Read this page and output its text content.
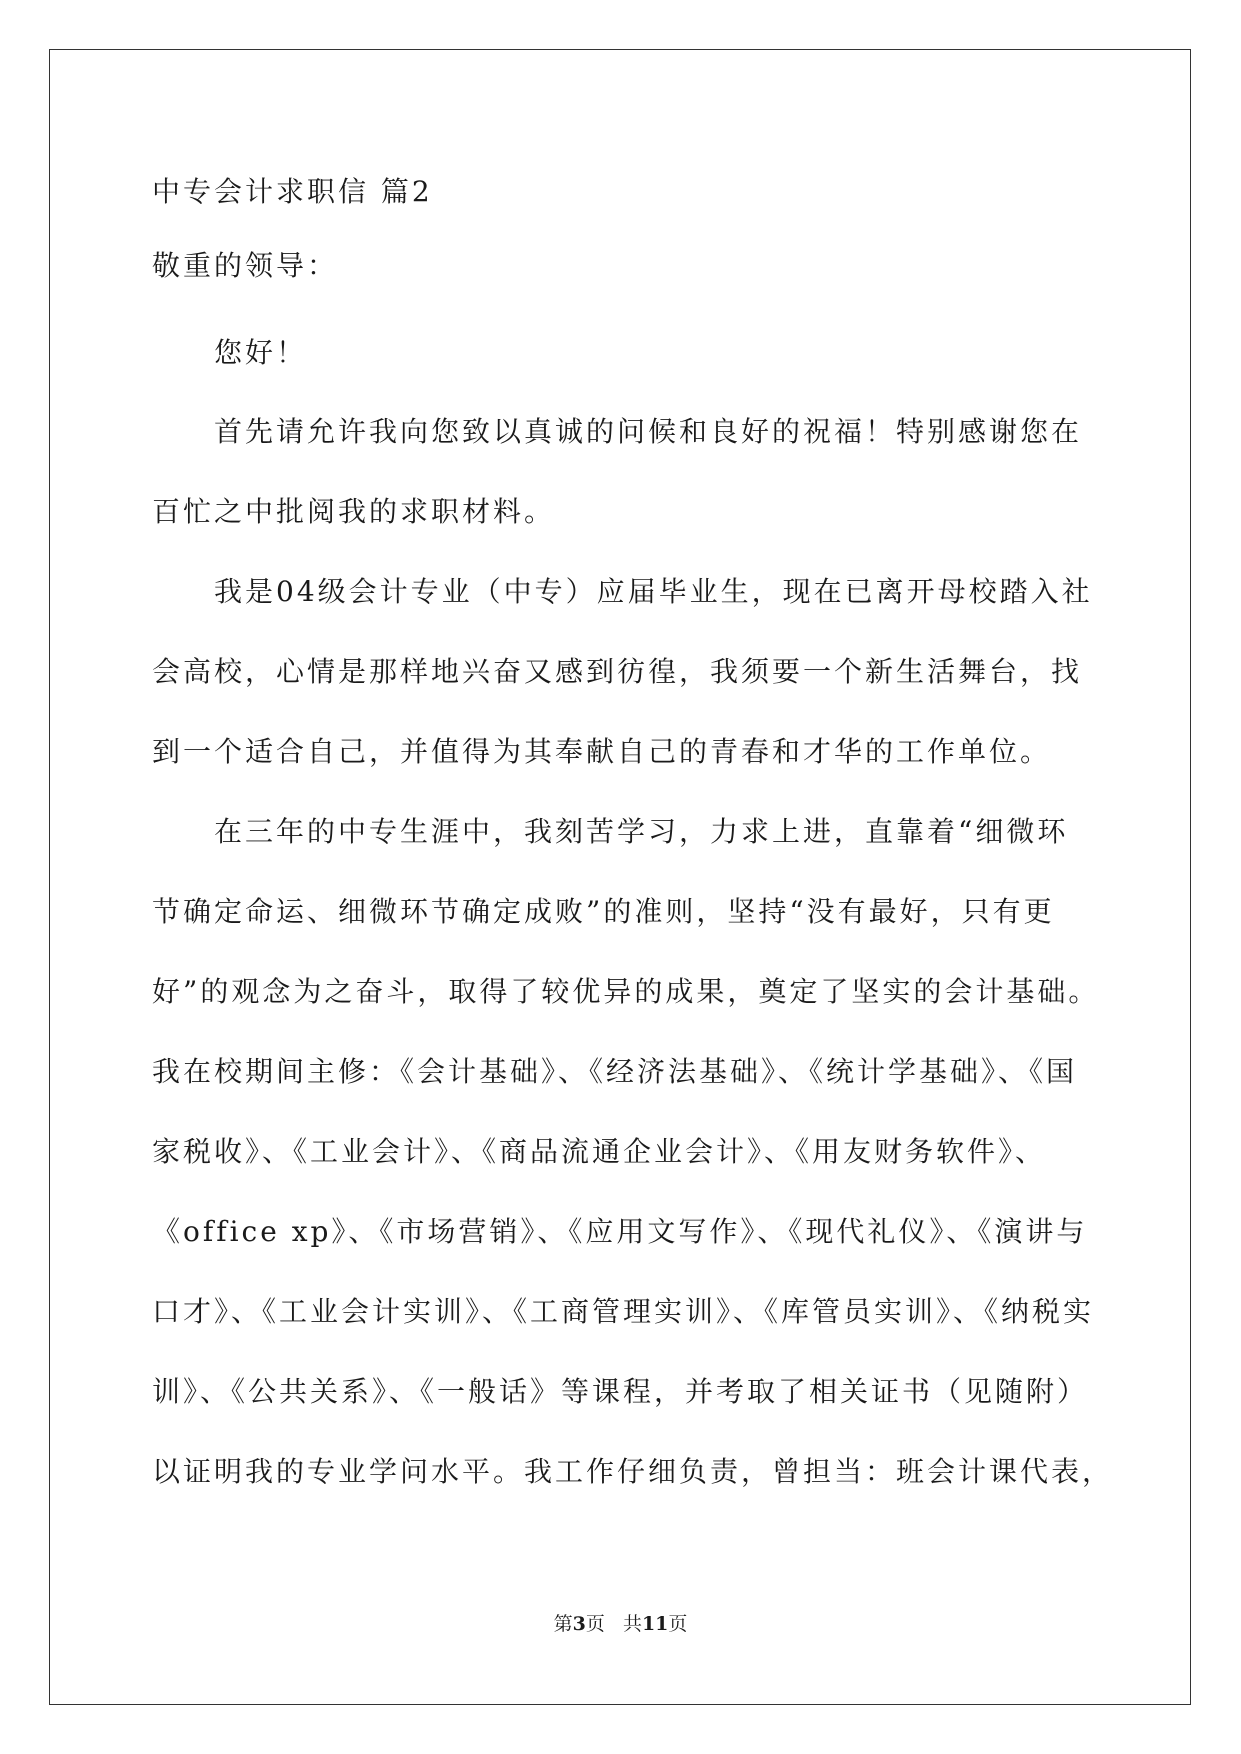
中专会计求职信 篇2
敬重的领导：
您好！
首先请允许我向您致以真诚的问候和良好的祝福！特别感谢您在
百忙之中批阅我的求职材料。
我是04级会计专业（中专）应届毕业生，现在已离开母校踏入社
会高校，心情是那样地兴奋又感到彷徨，我须要一个新生活舞台，找
到一个适合自己，并值得为其奉献自己的青春和才华的工作单位。
在三年的中专生涯中，我刻苦学习，力求上进，直靠着“细微环
节确定命运、细微环节确定成败”的准则，坚持“没有最好，只有更
好”的观念为之奋斗，取得了较优异的成果，奠定了坚实的会计基础。
我在校期间主修：《会计基础》、《经济法基础》、《统计学基础》、《国
家税收》、《工业会计》、《商品流通企业会计》、《用友财务软件》、
《office xp》、《市场营销》、《应用文写作》、《现代礼仪》、《演讲与
口才》、《工业会计实训》、《工商管理实训》、《库管员实训》、《纳税实
训》、《公共关系》、《一般话》等课程，并考取了相关证书（见随附）
以证明我的专业学问水平。我工作仔细负责，曾担当：班会计课代表，
第3页   共11页
